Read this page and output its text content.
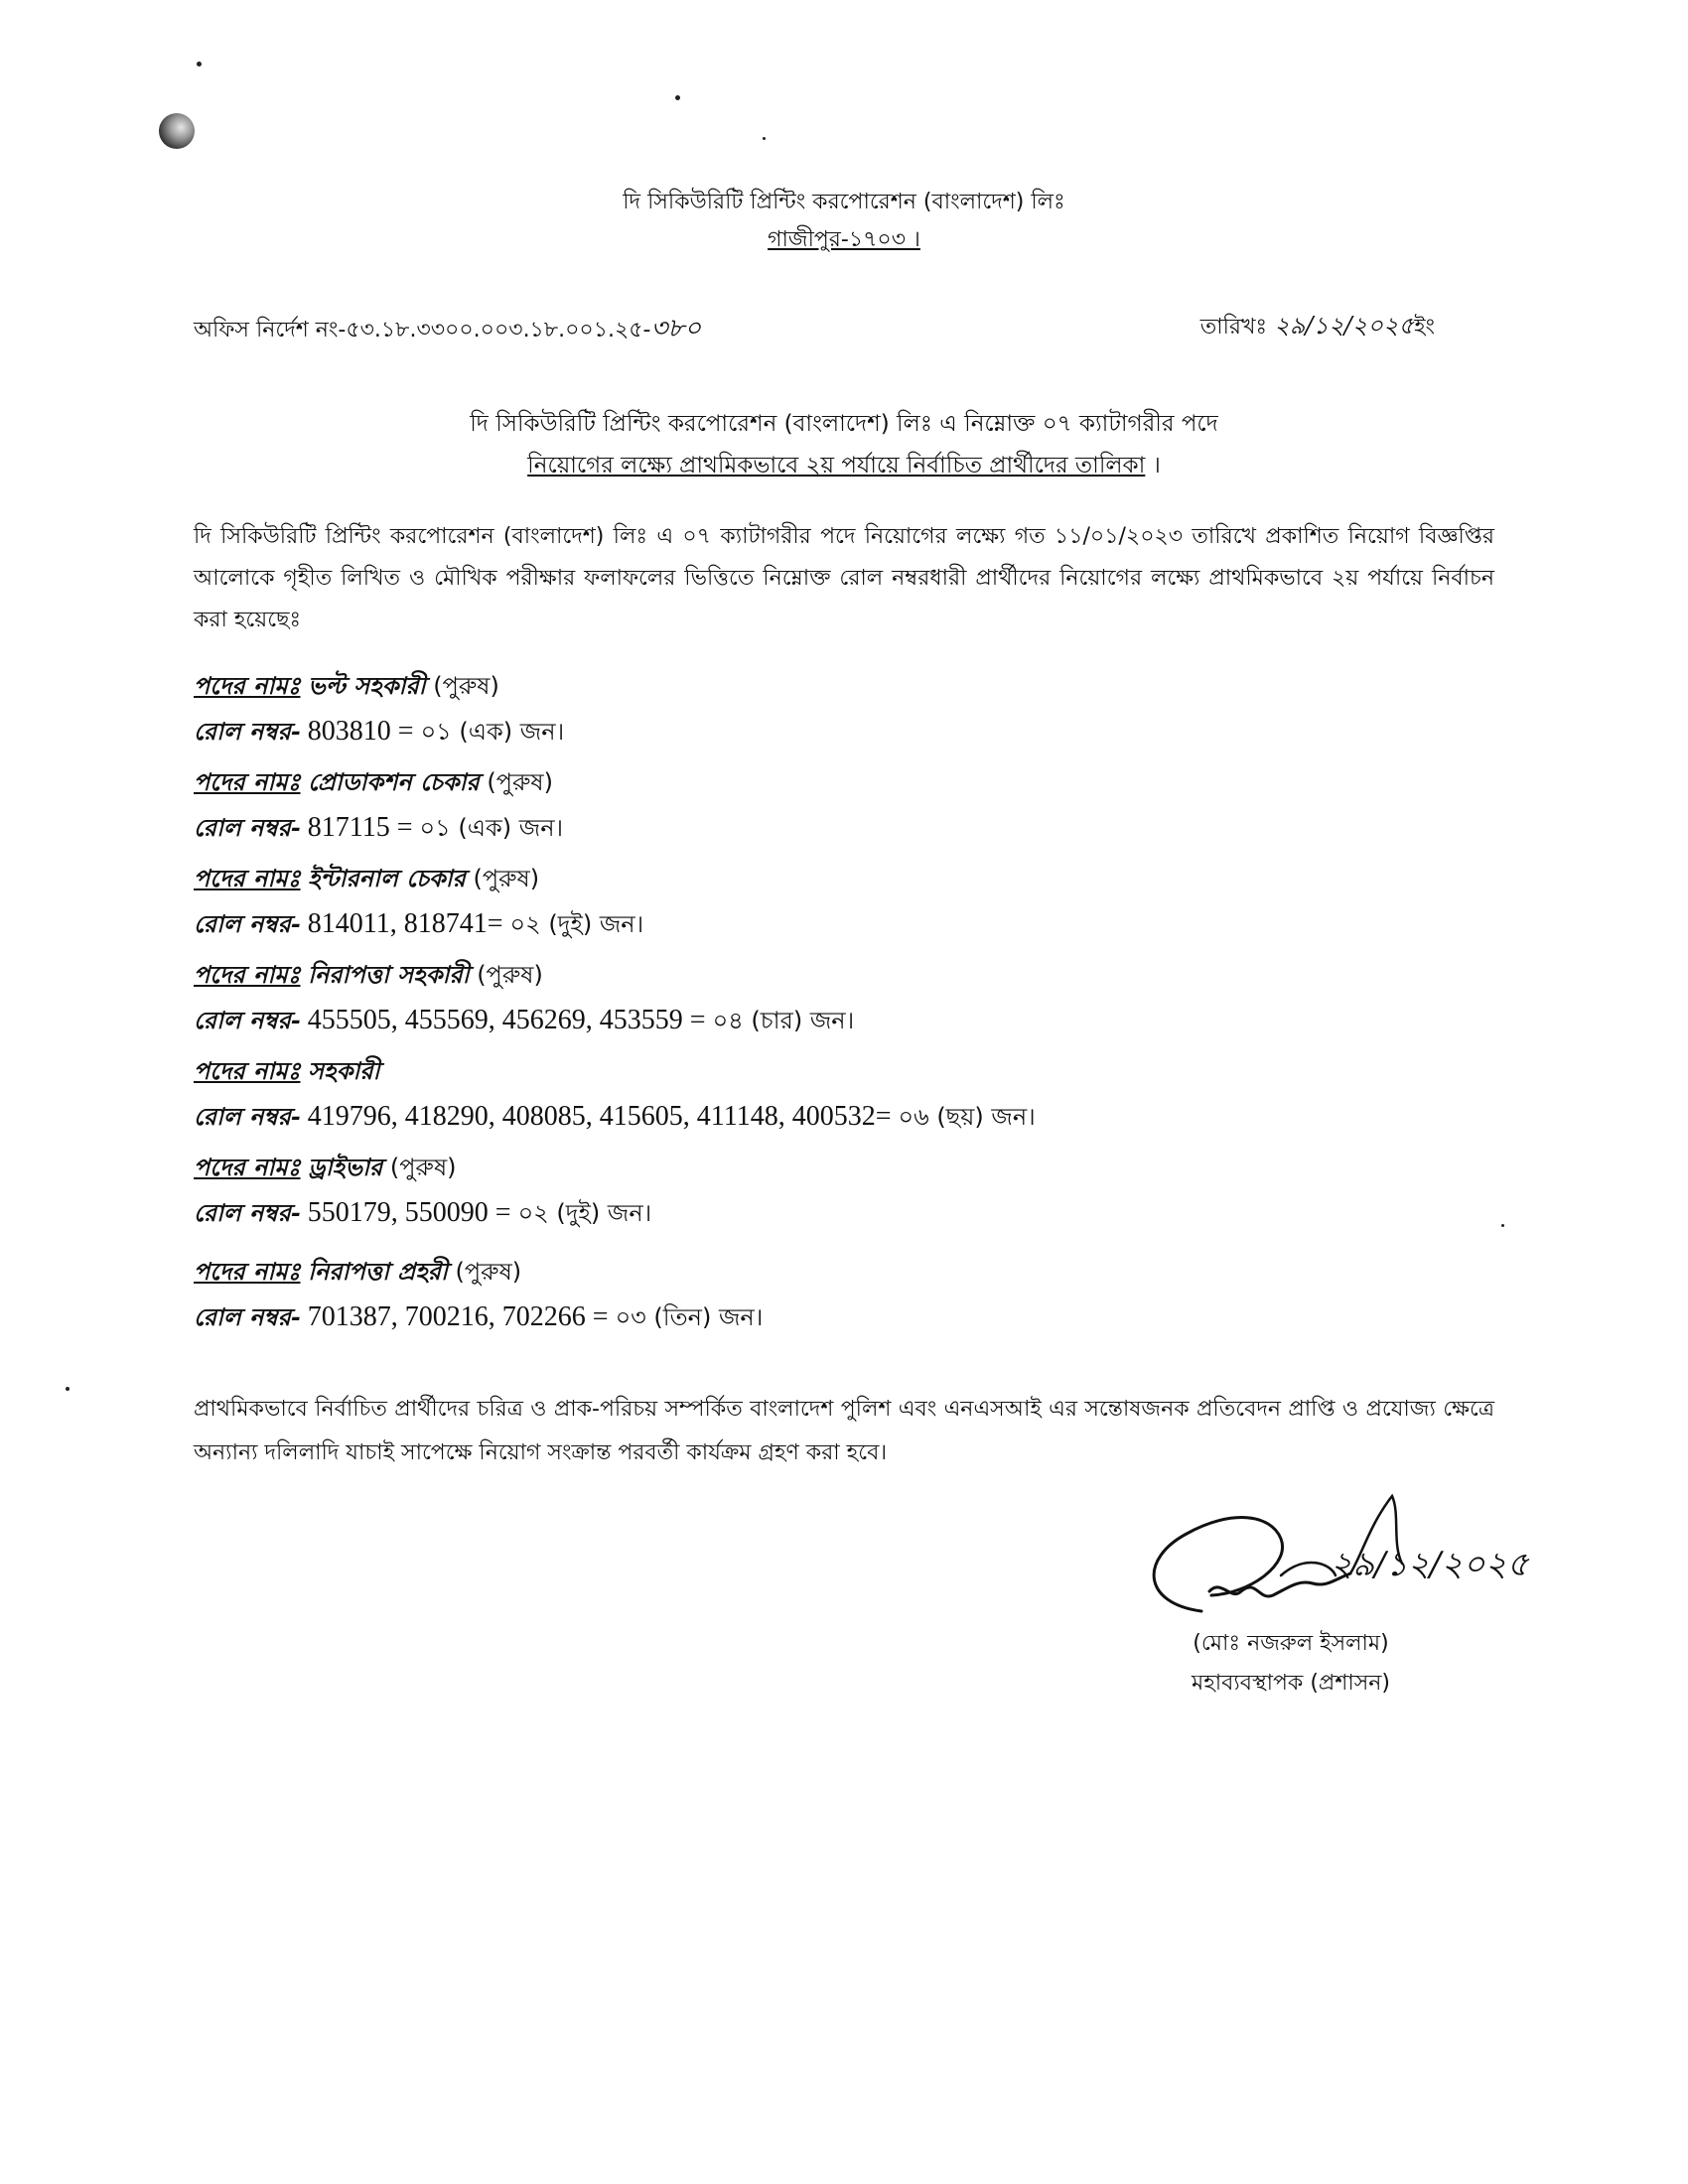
দি সিকিউরিটি প্রিন্টিং করপোরেশন (বাংলাদেশ) লিঃ
গাজীপুর-১৭০৩ ।
অফিস নির্দেশ নং-৫৩.১৮.৩৩০০.০০৩.১৮.০০১.২৫-৩৮০	তারিখঃ ২৯/১২/২০২৫ইং
দি সিকিউরিটি প্রিন্টিং করপোরেশন (বাংলাদেশ) লিঃ এ নিম্নোক্ত ০৭ ক্যাটাগরীর পদে
নিয়োগের লক্ষ্যে প্রাথমিকভাবে ২য় পর্যায়ে নির্বাচিত প্রার্থীদের তালিকা ।
দি সিকিউরিটি প্রিন্টিং করপোরেশন (বাংলাদেশ) লিঃ এ ০৭ ক্যাটাগরীর পদে নিয়োগের লক্ষ্যে গত ১১/০১/২০২৩ তারিখে প্রকাশিত নিয়োগ বিজ্ঞপ্তির আলোকে গৃহীত লিখিত ও মৌখিক পরীক্ষার ফলাফলের ভিত্তিতে নিম্নোক্ত রোল নম্বরধারী প্রার্থীদের নিয়োগের লক্ষ্যে প্রাথমিকভাবে ২য় পর্যায়ে নির্বাচন করা হয়েছেঃ
পদের নামঃ ভল্ট সহকারী (পুরুষ)
রোল নম্বর- 803810 = ০১ (এক) জন।
পদের নামঃ প্রোডাকশন চেকার (পুরুষ)
রোল নম্বর- 817115 = ০১ (এক) জন।
পদের নামঃ ইন্টারনাল চেকার (পুরুষ)
রোল নম্বর- 814011, 818741= ০২ (দুই) জন।
পদের নামঃ নিরাপত্তা সহকারী (পুরুষ)
রোল নম্বর- 455505, 455569, 456269, 453559 = ০৪ (চার) জন।
পদের নামঃ সহকারী
রোল নম্বর- 419796, 418290, 408085, 415605, 411148, 400532= ০৬ (ছয়) জন।
পদের নামঃ ড্রাইভার (পুরুষ)
রোল নম্বর- 550179, 550090 = ০২ (দুই) জন।
পদের নামঃ নিরাপত্তা প্রহরী (পুরুষ)
রোল নম্বর- 701387, 700216, 702266 = ০৩ (তিন) জন।
প্রাথমিকভাবে নির্বাচিত প্রার্থীদের চরিত্র ও প্রাক-পরিচয় সম্পর্কিত বাংলাদেশ পুলিশ এবং এনএসআই এর সন্তোষজনক প্রতিবেদন প্রাপ্তি ও প্রযোজ্য ক্ষেত্রে অন্যান্য দলিলাদি যাচাই সাপেক্ষে নিয়োগ সংক্রান্ত পরবর্তী কার্যক্রম গ্রহণ করা হবে।
২৯/১২/২০২৫
(মোঃ নজরুল ইসলাম)
মহাব্যবস্থাপক (প্রশাসন)
